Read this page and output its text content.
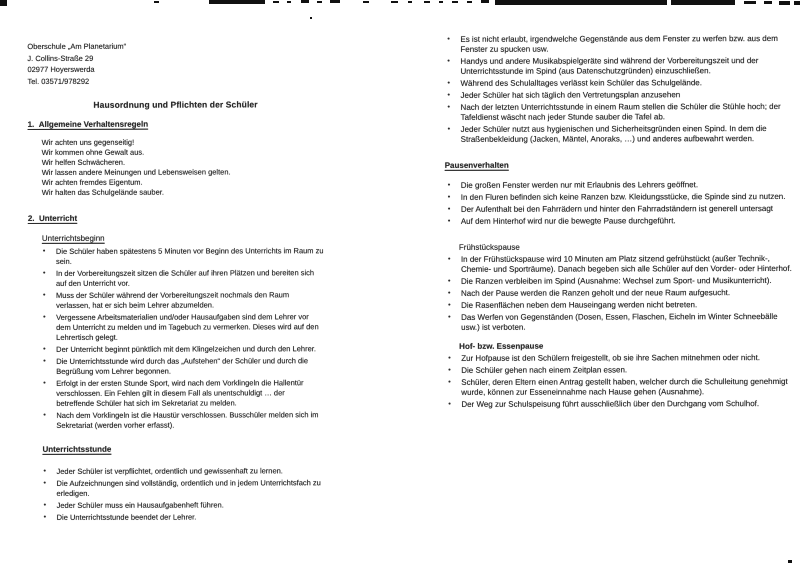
Oberschule „Am Planetarium“
J. Collins-Straße 29
02977 Hoyerswerda
Tel. 03571/978292
Hausordnung und Pflichten der Schüler
1.  Allgemeine Verhaltensregeln
Wir achten uns gegenseitig!
Wir kommen ohne Gewalt aus.
Wir helfen Schwächeren.
Wir lassen andere Meinungen und Lebensweisen gelten.
Wir achten fremdes Eigentum.
Wir halten das Schulgelände sauber.
2.  Unterricht
Unterrichtsbeginn
•	Die Schüler haben spätestens 5 Minuten vor Beginn des Unterrichts im Raum zu sein.
•	In der Vorbereitungszeit sitzen die Schüler auf ihren Plätzen und bereiten sich auf den Unterricht vor.
•	Muss der Schüler während der Vorbereitungszeit nochmals den Raum verlassen, hat er sich beim Lehrer abzumelden.
•	Vergessene Arbeitsmaterialien und/oder Hausaufgaben sind dem Lehrer vor dem Unterricht zu melden und im Tagebuch zu vermerken. Dieses wird auf den Lehrertisch gelegt.
•	Der Unterricht beginnt pünktlich mit dem Klingelzeichen und durch den Lehrer.
•	Die Unterrichtsstunde wird durch das „Aufstehen“ der Schüler und durch die Begrüßung vom Lehrer begonnen.
•	Erfolgt in der ersten Stunde Sport, wird nach dem Vorklingeln die Hallentür verschlossen. Ein Fehlen gilt in diesem Fall als unentschuldigt … der betreffende Schüler hat sich im Sekretariat zu melden.
•	Nach dem Vorklingeln ist die Haustür verschlossen. Busschüler melden sich im Sekretariat (werden vorher erfasst).
Unterrichtsstunde
•	Jeder Schüler ist verpflichtet, ordentlich und gewissenhaft zu lernen.
•	Die Aufzeichnungen sind vollständig, ordentlich und in jedem Unterrichtsfach zu erledigen.
•	Jeder Schüler muss ein Hausaufgabenheft führen.
•	Die Unterrichtsstunde beendet der Lehrer.
•	Es ist nicht erlaubt, irgendwelche Gegenstände aus dem Fenster zu werfen bzw. aus dem Fenster zu spucken usw.
•	Handys und andere Musikabspielgeräte sind während der Vorbereitungszeit und der Unterrichtsstunde im Spind (aus Datenschutzgründen) einzuschließen.
•	Während des Schulalltages verlässt kein Schüler das Schulgelände.
•	Jeder Schüler hat sich täglich den Vertretungsplan anzusehen
•	Nach der letzten Unterrichtsstunde in einem Raum stellen die Schüler die Stühle hoch; der Tafeldienst wäscht nach jeder Stunde sauber die Tafel ab.
•	Jeder Schüler nutzt aus hygienischen und Sicherheitsgründen einen Spind. In dem die Straßenbekleidung (Jacken, Mäntel, Anoraks, …) und anderes aufbewahrt werden.
Pausenverhalten
•	Die großen Fenster werden nur mit Erlaubnis des Lehrers geöffnet.
•	In den Fluren befinden sich keine Ranzen bzw. Kleidungsstücke, die Spinde sind zu nutzen.
•	Der Aufenthalt bei den Fahrrädern und hinter den Fahrradständern ist generell untersagt
•	Auf dem Hinterhof wird nur die bewegte Pause durchgeführt.
Frühstückspause
•	In der Frühstückspause wird 10 Minuten am Platz sitzend gefrühstückt (außer Technik-, Chemie- und Sporträume). Danach begeben sich alle Schüler auf den Vorder- oder Hinterhof.
•	Die Ranzen verbleiben im Spind (Ausnahme: Wechsel zum Sport- und Musikunterricht).
•	Nach der Pause werden die Ranzen geholt und der neue Raum aufgesucht.
•	Die Rasenflächen neben dem Hauseingang werden nicht betreten.
•	Das Werfen von Gegenständen (Dosen, Essen, Flaschen, Eicheln im Winter Schneebälle usw.) ist verboten.
Hof- bzw. Essenpause
•	Zur Hofpause ist den Schülern freigestellt, ob sie ihre Sachen mitnehmen oder nicht.
•	Die Schüler gehen nach einem Zeitplan essen.
•	Schüler, deren Eltern einen Antrag gestellt haben, welcher durch die Schulleitung genehmigt wurde, können zur Esseneinnahme nach Hause gehen (Ausnahme).
•	Der Weg zur Schulspeisung führt ausschließlich über den Durchgang vom Schulhof.
